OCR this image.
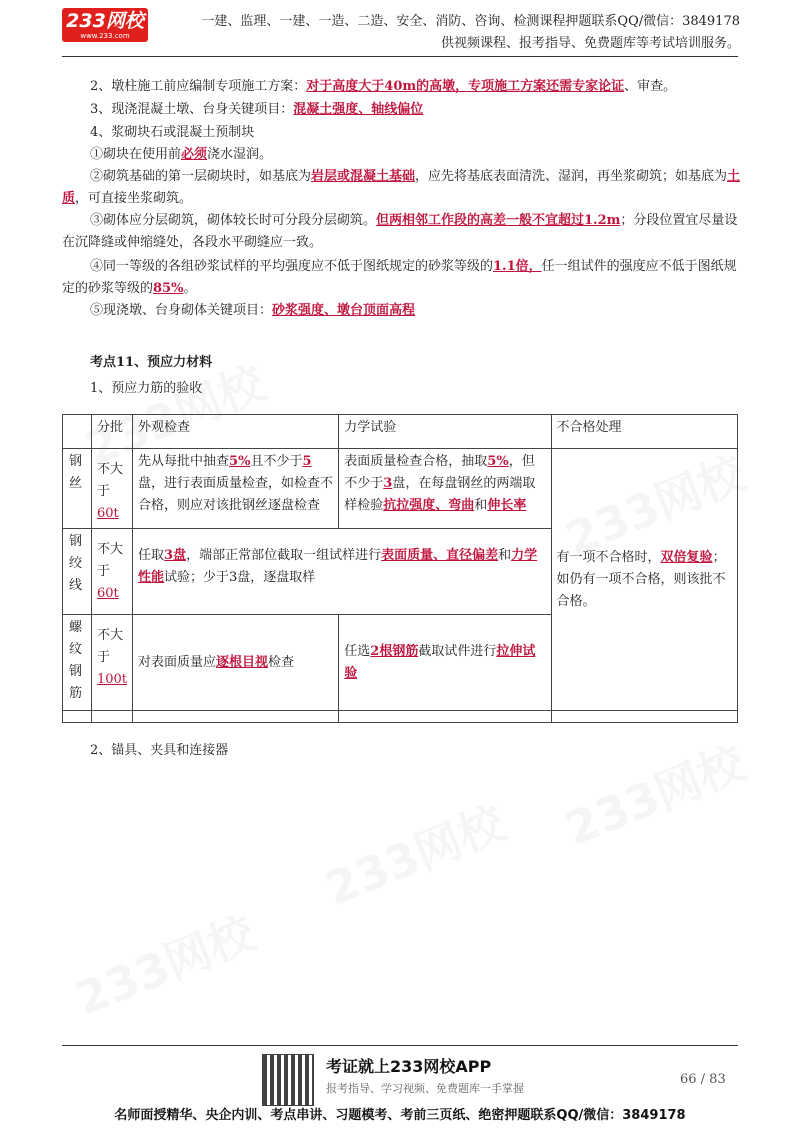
233网校
www.233.com
一建、监理、一建、一造、二造、安全、消防、咨询、检测课程押题联系QQ/微信：3849178
供视频课程、报考指导、免费题库等考试培训服务。
2、墩柱施工前应编制专项施工方案：对于高度大于40m的高墩，专项施工方案还需专家论证、审查。
3、现浇混凝土墩、台身关键项目：混凝土强度、轴线偏位
4、浆砌块石或混凝土预制块
①砌块在使用前必须浇水湿润。
②砌筑基础的第一层砌块时，如基底为岩层或混凝土基础，应先将基底表面清洗、湿润，再坐浆砌筑；如基底为土质，可直接坐浆砌筑。
③砌体应分层砌筑，砌体较长时可分段分层砌筑。但两相邻工作段的高差一般不宜超过1.2m；分段位置宜尽量设在沉降缝或伸缩缝处，各段水平砌缝应一致。
④同一等级的各组砂浆试样的平均强度应不低于图纸规定的砂浆等级的1.1倍，任一组试件的强度应不低于图纸规定的砂浆等级的85%。
⑤现浇墩、台身砌体关键项目：砂浆强度、墩台顶面高程
考点11、预应力材料
1、预应力筋的验收
	分批	外观检查	力学试验	不合格处理
钢丝	不大于60t	先从每批中抽查5%且不少于5盘，进行表面质量检查，如检查不合格，则应对该批钢丝逐盘检查	表面质量检查合格，抽取5%，但不少于3盘，在每盘钢丝的两端取样检验抗拉强度、弯曲和伸长率	有一项不合格时，双倍复验；如仍有一项不合格，则该批不合格。
钢绞线	不大于60t	任取3盘，端部正常部位截取一组试样进行表面质量、直径偏差和力学性能试验；少于3盘，逐盘取样		
螺纹钢筋	不大于100t	对表面质量应逐根目视检查	任选2根钢筋截取试件进行拉伸试验	

2、锚具、夹具和连接器
考证就上233网校APP
报考指导、学习视频、免费题库一手掌握
66 / 83
名师面授精华、央企内训、考点串讲、习题模考、考前三页纸、绝密押题联系QQ/微信：3849178
